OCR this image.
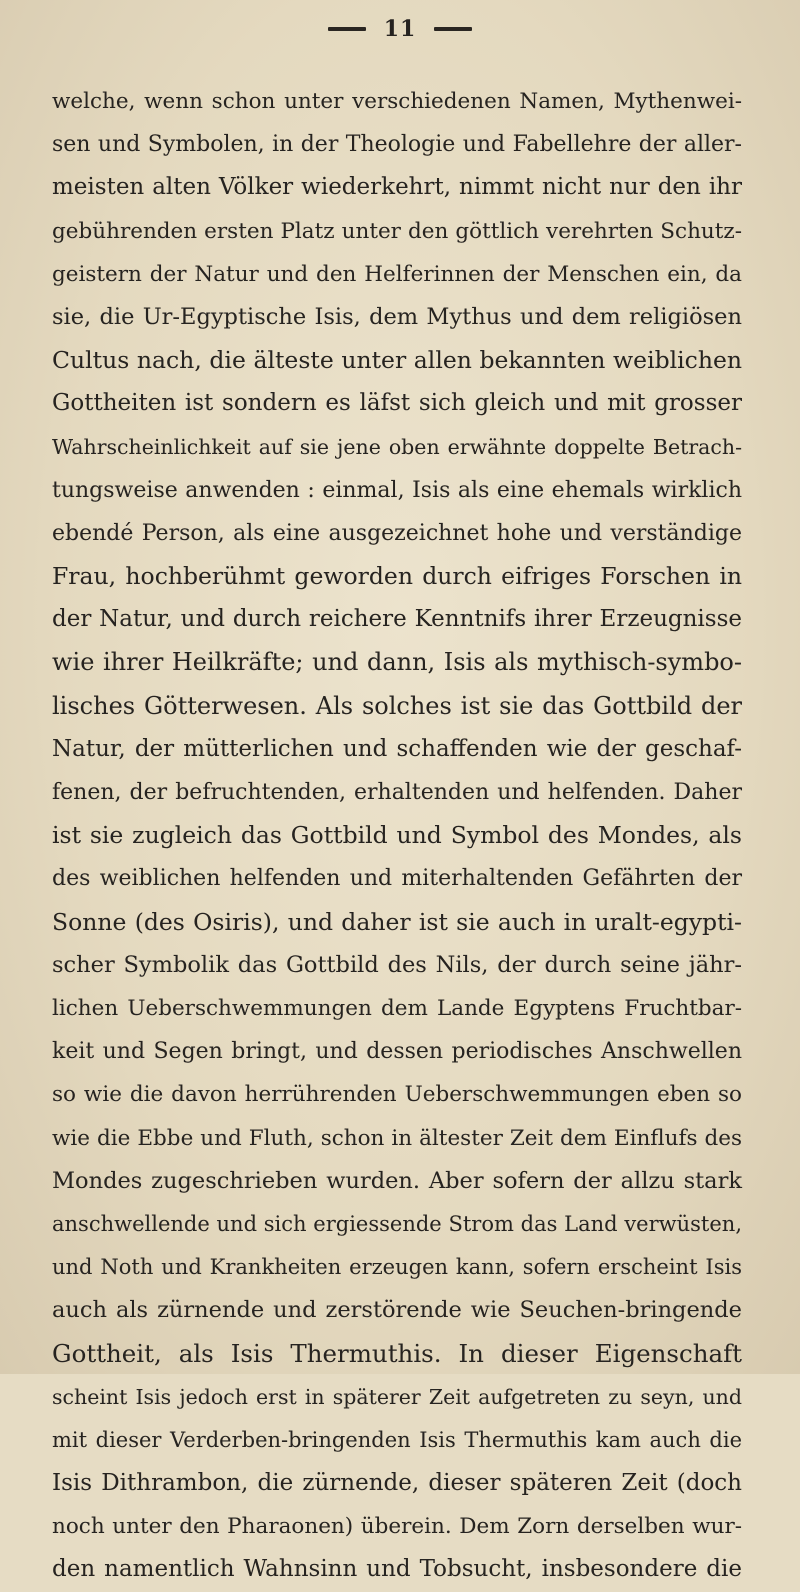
11
welche, wenn schon unter verschiedenen Namen, Mythenwei-
sen und Symbolen, in der Theologie und Fabellehre der aller-
meisten alten Völker wiederkehrt, nimmt nicht nur den ihr
gebührenden ersten Platz unter den göttlich verehrten Schutz-
geistern der Natur und den Helferinnen der Menschen ein, da
sie, die Ur-Egyptische Isis, dem Mythus und dem religiösen
Cultus nach, die älteste unter allen bekannten weiblichen
Gottheiten ist sondern es läfst sich gleich und mit grosser
Wahrscheinlichkeit auf sie jene oben erwähnte doppelte Betrach-
tungsweise anwenden : einmal, Isis als eine ehemals wirklich
ebendé Person, als eine ausgezeichnet hohe und verständige
Frau, hochberühmt geworden durch eifriges Forschen in
der Natur, und durch reichere Kenntnifs ihrer Erzeugnisse
wie ihrer Heilkräfte; und dann, Isis als mythisch-symbo-
lisches Götterwesen. Als solches ist sie das Gottbild der
Natur, der mütterlichen und schaffenden wie der geschaf-
fenen, der befruchtenden, erhaltenden und helfenden. Daher
ist sie zugleich das Gottbild und Symbol des Mondes, als
des weiblichen helfenden und miterhaltenden Gefährten der
Sonne (des Osiris), und daher ist sie auch in uralt-egypti-
scher Symbolik das Gottbild des Nils, der durch seine jähr-
lichen Ueberschwemmungen dem Lande Egyptens Fruchtbar-
keit und Segen bringt, und dessen periodisches Anschwellen
so wie die davon herrührenden Ueberschwemmungen eben so
wie die Ebbe und Fluth, schon in ältester Zeit dem Einflufs des
Mondes zugeschrieben wurden. Aber sofern der allzu stark
anschwellende und sich ergiessende Strom das Land verwüsten,
und Noth und Krankheiten erzeugen kann, sofern erscheint Isis
auch als zürnende und zerstörende wie Seuchen-bringende
Gottheit, als Isis Thermuthis. In dieser Eigenschaft
scheint Isis jedoch erst in späterer Zeit aufgetreten zu seyn, und
mit dieser Verderben-bringenden Isis Thermuthis kam auch die
Isis Dithrambon, die zürnende, dieser späteren Zeit (doch
noch unter den Pharaonen) überein. Dem Zorn derselben wur-
den namentlich Wahnsinn und Tobsucht, insbesondere die
